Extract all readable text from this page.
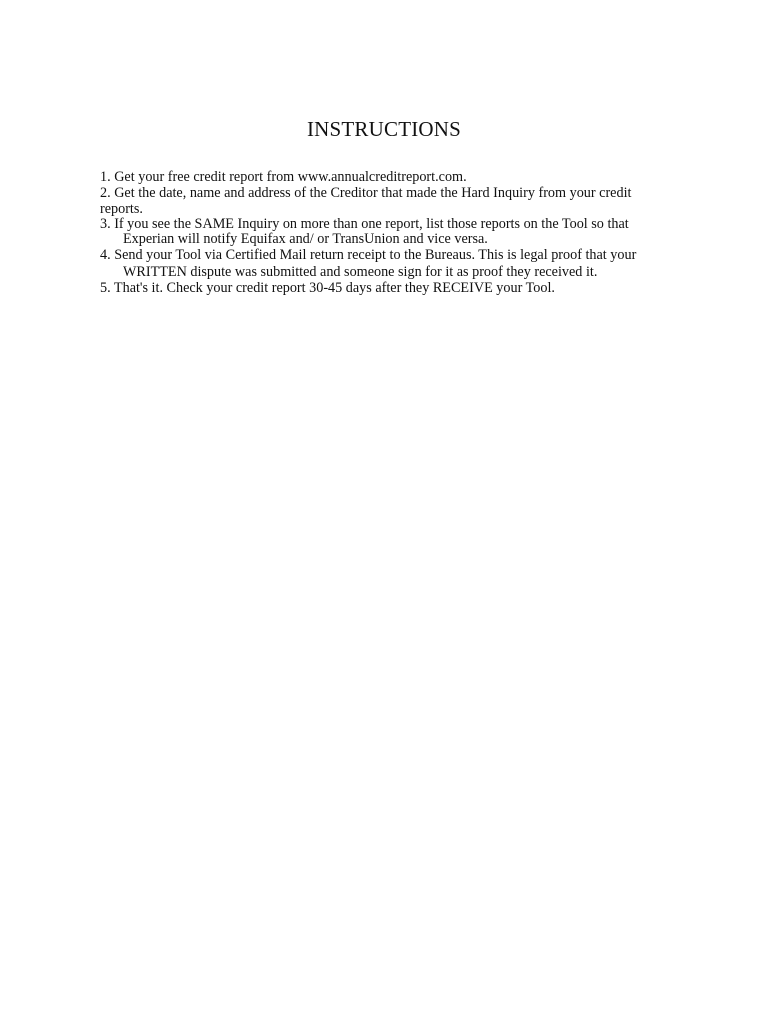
INSTRUCTIONS
1. Get your free credit report from www.annualcreditreport.com.
2. Get the date, name and address of the Creditor that made the Hard Inquiry from your credit
reports.
3. If you see the SAME Inquiry on more than one report, list those reports on the Tool so that
Experian will notify Equifax and/ or TransUnion and vice versa.
4. Send your Tool via Certified Mail return receipt to the Bureaus. This is legal proof that your
WRITTEN dispute was submitted and someone sign for it as proof they received it.
5. That's it. Check your credit report 30-45 days after they RECEIVE your Tool.
